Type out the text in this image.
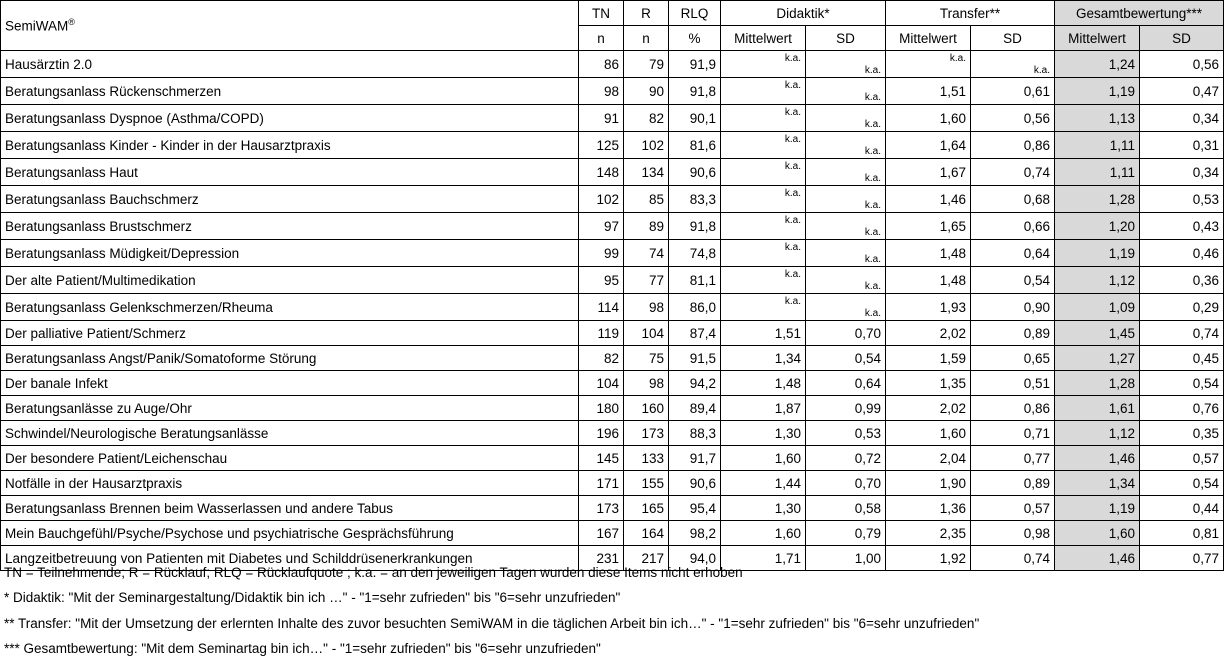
SemiWAM®	TN	R	RLQ	Didaktik*		Transfer**		Gesamtbewertung***	
	n	n	%	Mittelwert	SD	Mittelwert	SD	Mittelwert	SD
Hausärztin 2.0	86	79	91,9	k.a.	k.a.	k.a.	k.a.	1,24	0,56
Beratungsanlass Rückenschmerzen	98	90	91,8	k.a.	k.a.	1,51	0,61	1,19	0,47
Beratungsanlass Dyspnoe (Asthma/COPD)	91	82	90,1	k.a.	k.a.	1,60	0,56	1,13	0,34
Beratungsanlass Kinder - Kinder in der Hausarztpraxis	125	102	81,6	k.a.	k.a.	1,64	0,86	1,11	0,31
Beratungsanlass Haut	148	134	90,6	k.a.	k.a.	1,67	0,74	1,11	0,34
Beratungsanlass Bauchschmerz	102	85	83,3	k.a.	k.a.	1,46	0,68	1,28	0,53
Beratungsanlass Brustschmerz	97	89	91,8	k.a.	k.a.	1,65	0,66	1,20	0,43
Beratungsanlass Müdigkeit/Depression	99	74	74,8	k.a.	k.a.	1,48	0,64	1,19	0,46
Der alte Patient/Multimedikation	95	77	81,1	k.a.	k.a.	1,48	0,54	1,12	0,36
Beratungsanlass Gelenkschmerzen/Rheuma	114	98	86,0	k.a.	k.a.	1,93	0,90	1,09	0,29
Der palliative Patient/Schmerz	119	104	87,4	1,51	0,70	2,02	0,89	1,45	0,74
Beratungsanlass Angst/Panik/Somatoforme Störung	82	75	91,5	1,34	0,54	1,59	0,65	1,27	0,45
Der banale Infekt	104	98	94,2	1,48	0,64	1,35	0,51	1,28	0,54
Beratungsanlässe zu Auge/Ohr	180	160	89,4	1,87	0,99	2,02	0,86	1,61	0,76
Schwindel/Neurologische Beratungsanlässe	196	173	88,3	1,30	0,53	1,60	0,71	1,12	0,35
Der besondere Patient/Leichenschau	145	133	91,7	1,60	0,72	2,04	0,77	1,46	0,57
Notfälle in der Hausarztpraxis	171	155	90,6	1,44	0,70	1,90	0,89	1,34	0,54
Beratungsanlass Brennen beim Wasserlassen und andere Tabus	173	165	95,4	1,30	0,58	1,36	0,57	1,19	0,44
Mein Bauchgefühl/Psyche/Psychose und psychiatrische Gesprächsführung	167	164	98,2	1,60	0,79	2,35	0,98	1,60	0,81
Langzeitbetreuung von Patienten mit Diabetes und Schilddrüsenerkrankungen	231	217	94,0	1,71	1,00	1,92	0,74	1,46	0,77
TN = Teilnehmende; R = Rücklauf; RLQ = Rücklaufquote ; k.a. = an den jeweiligen Tagen wurden diese Items nicht erhoben
* Didaktik: "Mit der Seminargestaltung/Didaktik bin ich …" - "1=sehr zufrieden" bis "6=sehr unzufrieden"
** Transfer: "Mit der Umsetzung der erlernten Inhalte des zuvor besuchten SemiWAM in die täglichen Arbeit bin ich…" - "1=sehr zufrieden" bis "6=sehr unzufrieden"
*** Gesamtbewertung: "Mit dem Seminartag bin ich…" - "1=sehr zufrieden" bis "6=sehr unzufrieden"
